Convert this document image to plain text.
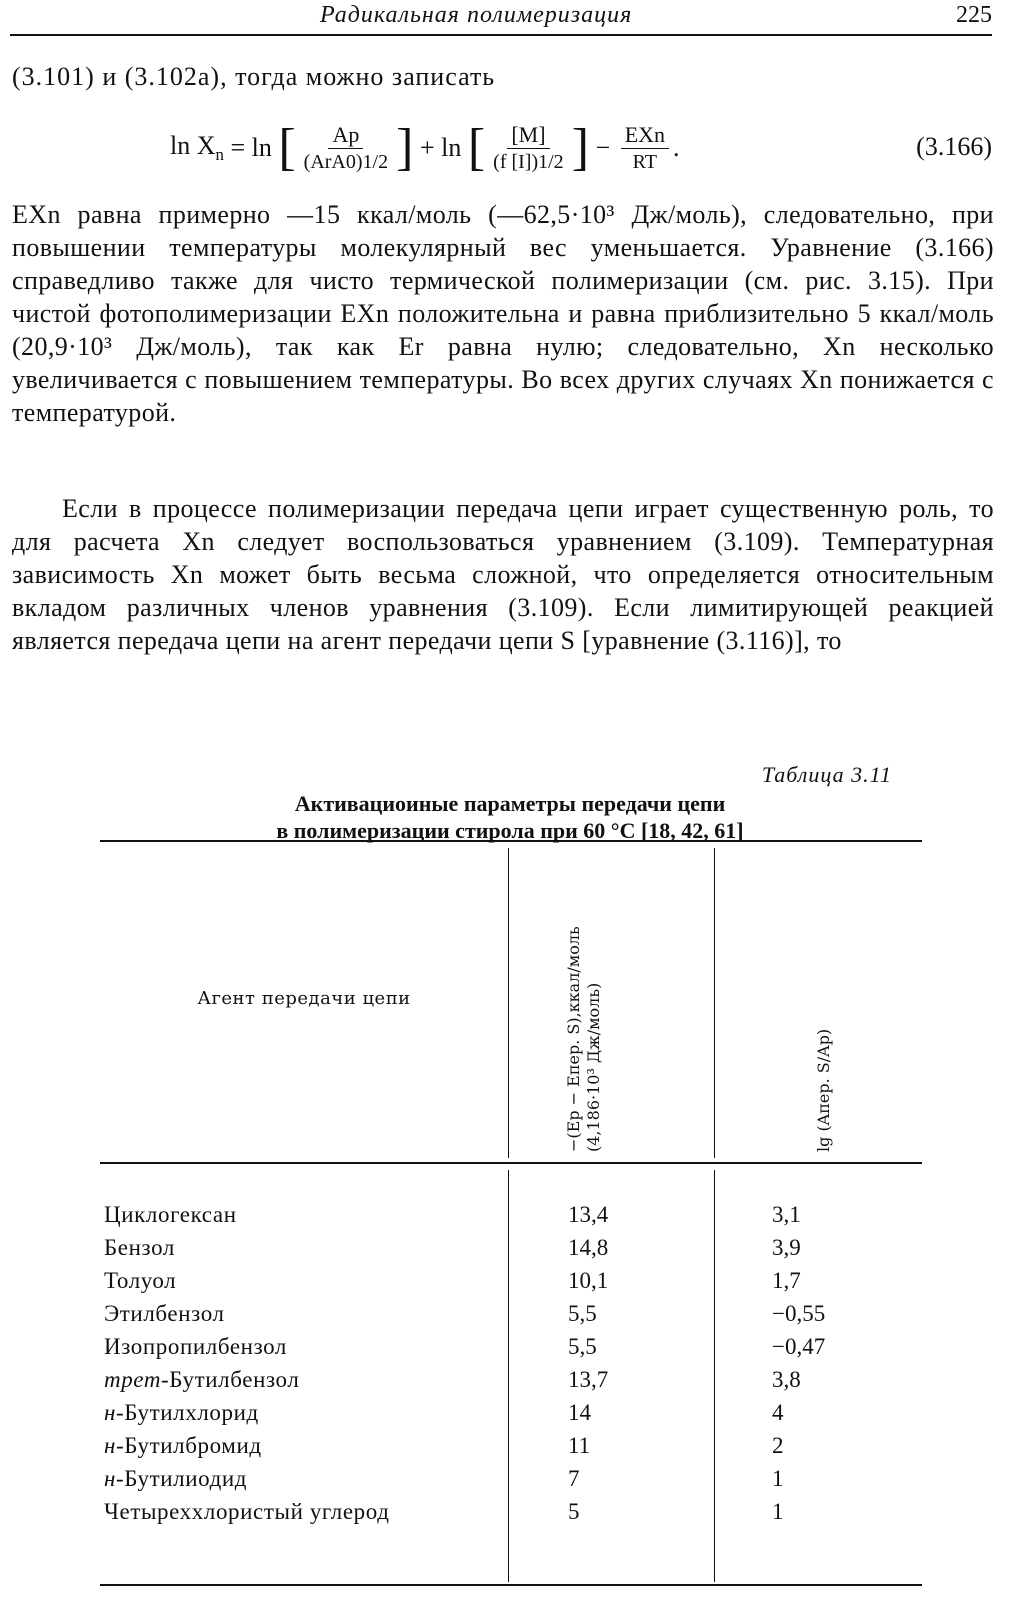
Радикальная полимеризация	225
(3.101) и (3.102а), тогда можно записать
$\ln X_n = \ln$ [ $\frac{Ap}{\text{(ArA0)1/2}}$ ] + ln [ $\frac{[M]}{(f [I])1/2}$ ] − $\frac{\text{EXn}}{RT}$ .	(3.166)
EXn равна примерно —15 ккал/моль (—62,5·10³ Дж/моль), следовательно, при повышении температуры молекулярный вес уменьшается. Уравнение (3.166) справедливо также для чисто термической полимеризации (см. рис. 3.15). При чистой фотополимеризации EXn положительна и равна приблизительно 5 ккал/моль (20,9·10³ Дж/моль), так как Er равна нулю; следовательно, Xn несколько увеличивается с повышением температуры. Во всех других случаях Xn понижается с температурой.
Если в процессе полимеризации передача цепи играет существенную роль, то для расчета Xn следует воспользоваться уравнением (3.109). Температурная зависимость Xn может быть весьма сложной, что определяется относительным вкладом различных членов уравнения (3.109). Если лимитирующей реакцией является передача цепи на агент передачи цепи S [уравнение (3.116)], то
Таблица 3.11
Активациоиные параметры передачи цепи
в полимеризации стирола при 60 °С [18, 42, 61]
Агент передачи цепи	−(Ep − Eпер. S),ккал/моль (4,186·10³ Дж/моль)	lg (Aпер. S/Ap)
Циклогексан	13,4	3,1
Бензол	14,8	3,9
Толуол	10,1	1,7
Этилбензол	5,5	−0,55
Изопропилбензол	5,5	−0,47
трет-Бутилбензол	13,7	3,8
н-Бутилхлорид	14	4
н-Бутилбромид	11	2
н-Бутилиодид	7	1
Четыреххлористый углерод	5	1
